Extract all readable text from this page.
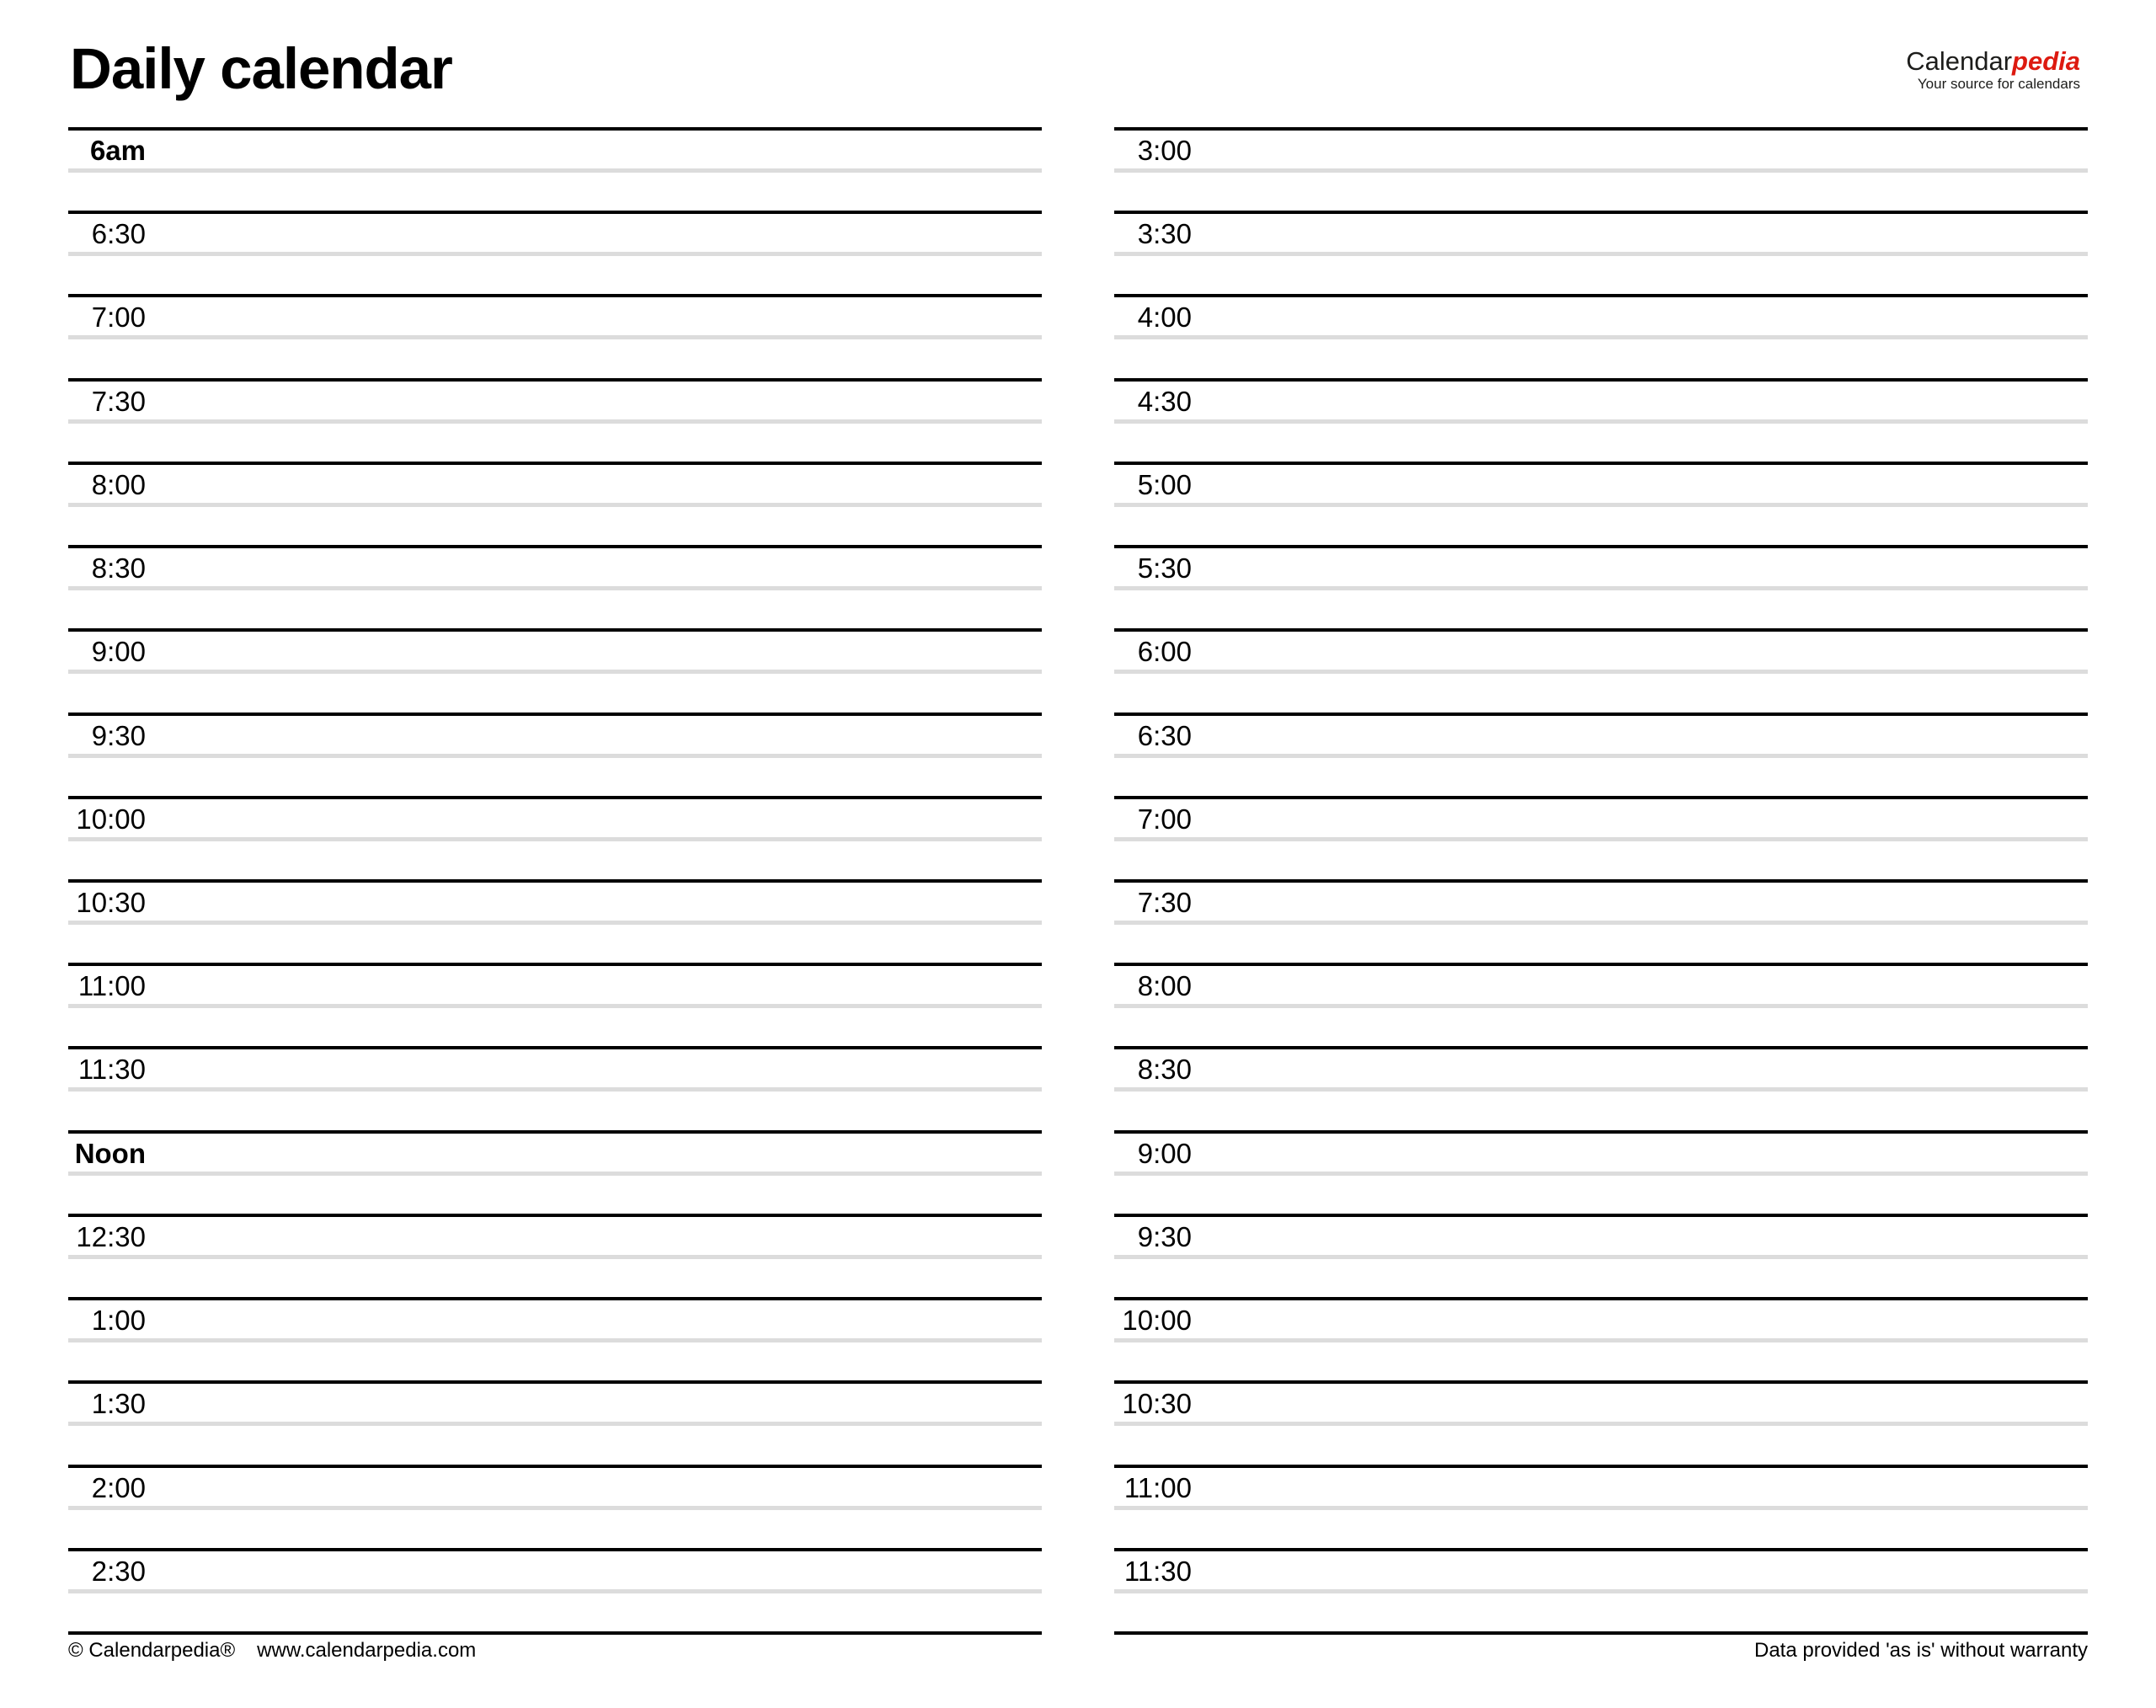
Daily calendar	Calendarpedia
Your source for calendars
6am
6:30
7:00
7:30
8:00
8:30
9:00
9:30
10:00
10:30
11:00
11:30
Noon
12:30
1:00
1:30
2:00
2:30
3:00
3:30
4:00
4:30
5:00
5:30
6:00
6:30
7:00
7:30
8:00
8:30
9:00
9:30
10:00
10:30
11:00
11:30
© Calendarpedia® www.calendarpedia.com	Data provided 'as is' without warranty
